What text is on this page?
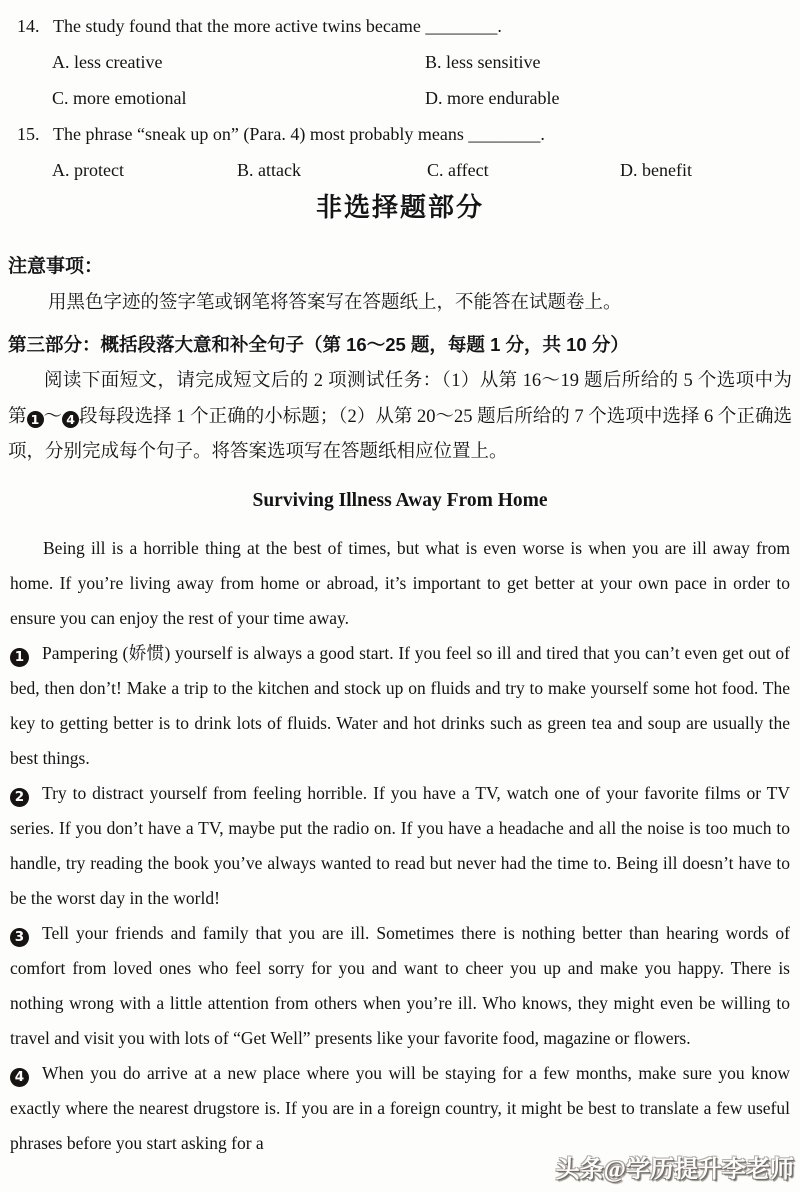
14. The study found that the more active twins became ________.
A. less creative	B. less sensitive
C. more emotional	D. more endurable
15. The phrase “sneak up on” (Para. 4) most probably means ________.
A. protect	B. attack	C. affect	D. benefit
非选择题部分
注意事项：
用黑色字迹的签字笔或钢笔将答案写在答题纸上，不能答在试题卷上。
第三部分：概括段落大意和补全句子（第 16～25 题，每题 1 分，共 10 分）
阅读下面短文，请完成短文后的 2 项测试任务：（1）从第 16～19 题后所给的 5 个选项中为第 1 ～ 4 段每段选择 1 个正确的小标题；（2）从第 20～25 题后所给的 7 个选项中选择 6 个正确选项，分别完成每个句子。将答案选项写在答题纸相应位置上。
Surviving Illness Away From Home

Being ill is a horrible thing at the best of times, but what is even worse is when you are ill away from home. If you’re living away from home or abroad, it’s important to get better at your own pace in order to ensure you can enjoy the rest of your time away.

1 Pampering (娇惯) yourself is always a good start. If you feel so ill and tired that you can’t even get out of bed, then don’t! Make a trip to the kitchen and stock up on fluids and try to make yourself some hot food. The key to getting better is to drink lots of fluids. Water and hot drinks such as green tea and soup are usually the best things.

2 Try to distract yourself from feeling horrible. If you have a TV, watch one of your favorite films or TV series. If you don’t have a TV, maybe put the radio on. If you have a headache and all the noise is too much to handle, try reading the book you’ve always wanted to read but never had the time to. Being ill doesn’t have to be the worst day in the world!

3 Tell your friends and family that you are ill. Sometimes there is nothing better than hearing words of comfort from loved ones who feel sorry for you and want to cheer you up and make you happy. There is nothing wrong with a little attention from others when you’re ill. Who knows, they might even be willing to travel and visit you with lots of “Get Well” presents like your favorite food, magazine or flowers.

4 When you do arrive at a new place where you will be staying for a few months, make sure you know exactly where the nearest drugstore is. If you are in a foreign country, it might be best to translate a few useful phrases before you start asking for a

头条@学历提升李老师
